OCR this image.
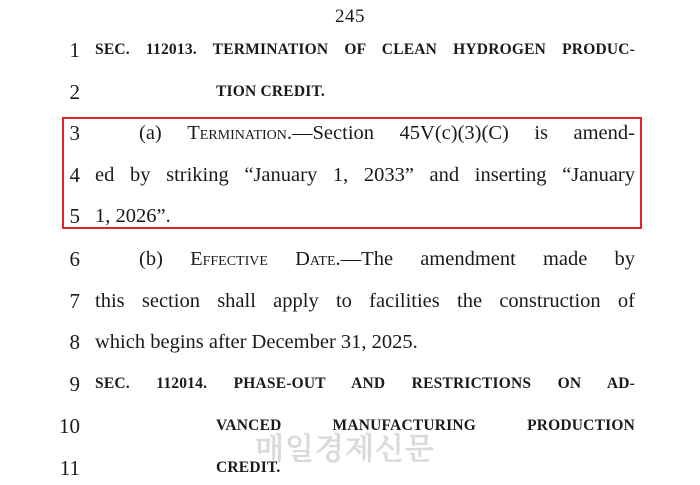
245
1 SEC. 112013. TERMINATION OF CLEAN HYDROGEN PRODUC-
2	TION CREDIT.
3	(a) Termination.—Section 45V(c)(3)(C) is amend-
4 ed by striking “January 1, 2033” and inserting “January
5 1, 2026”.
6	(b) Effective Date.—The amendment made by
7 this section shall apply to facilities the construction of
8 which begins after December 31, 2025.
9 SEC. 112014. PHASE-OUT AND RESTRICTIONS ON AD-
10	VANCED MANUFACTURING PRODUCTION
11	CREDIT.
매일경제신문
